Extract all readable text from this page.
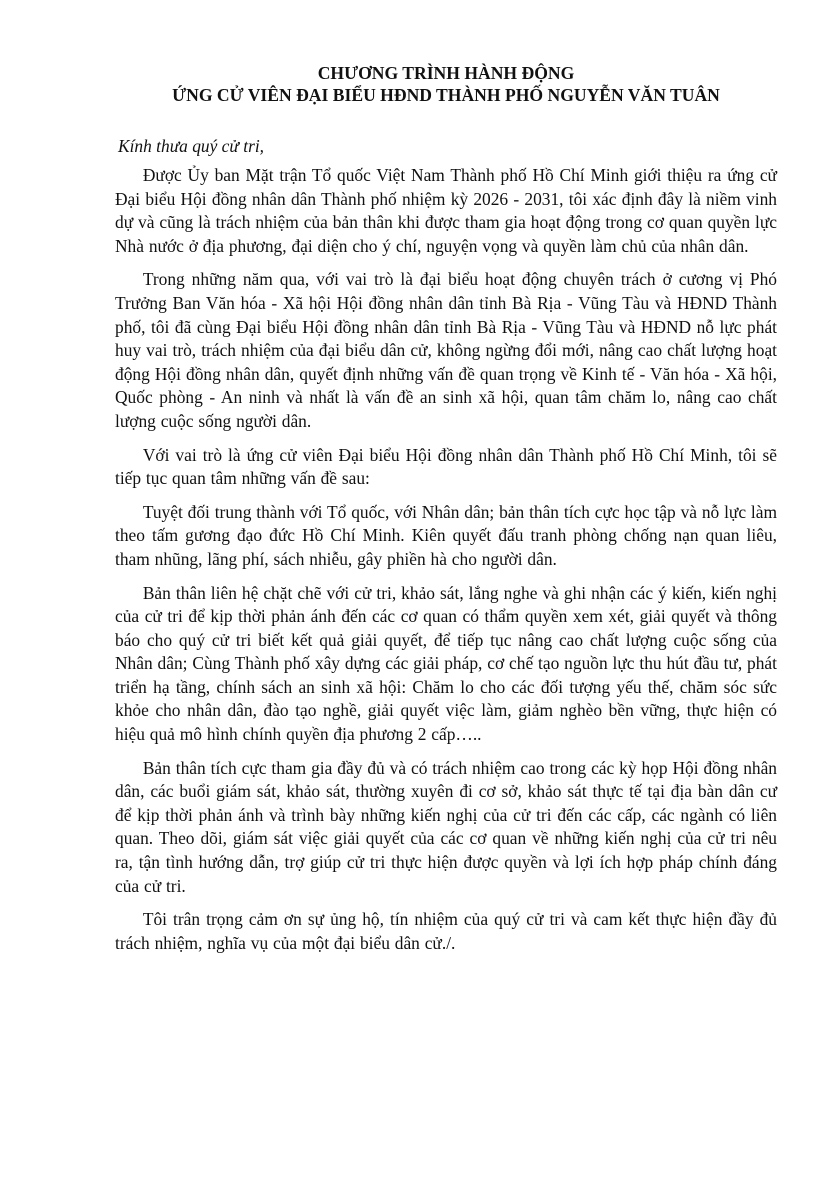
CHƯƠNG TRÌNH HÀNH ĐỘNG
ỨNG CỬ VIÊN ĐẠI BIỂU HĐND THÀNH PHỐ NGUYỄN VĂN TUÂN

Kính thưa quý cử tri,

Được Ủy ban Mặt trận Tổ quốc Việt Nam Thành phố Hồ Chí Minh giới thiệu ra ứng cử Đại biểu Hội đồng nhân dân Thành phố nhiệm kỳ 2026 - 2031, tôi xác định đây là niềm vinh dự và cũng là trách nhiệm của bản thân khi được tham gia hoạt động trong cơ quan quyền lực Nhà nước ở địa phương, đại diện cho ý chí, nguyện vọng và quyền làm chủ của nhân dân.

Trong những năm qua, với vai trò là đại biểu hoạt động chuyên trách ở cương vị Phó Trưởng Ban Văn hóa - Xã hội Hội đồng nhân dân tỉnh Bà Rịa - Vũng Tàu và HĐND Thành phố, tôi đã cùng Đại biểu Hội đồng nhân dân tỉnh Bà Rịa - Vũng Tàu và HĐND nỗ lực phát huy vai trò, trách nhiệm của đại biểu dân cử, không ngừng đổi mới, nâng cao chất lượng hoạt động Hội đồng nhân dân, quyết định những vấn đề quan trọng về Kinh tế - Văn hóa - Xã hội, Quốc phòng - An ninh và nhất là vấn đề an sinh xã hội, quan tâm chăm lo, nâng cao chất lượng cuộc sống người dân.

Với vai trò là ứng cử viên Đại biểu Hội đồng nhân dân Thành phố Hồ Chí Minh, tôi sẽ tiếp tục quan tâm những vấn đề sau:

Tuyệt đối trung thành với Tổ quốc, với Nhân dân; bản thân tích cực học tập và nỗ lực làm theo tấm gương đạo đức Hồ Chí Minh. Kiên quyết đấu tranh phòng chống nạn quan liêu, tham nhũng, lãng phí, sách nhiễu, gây phiền hà cho người dân.

Bản thân liên hệ chặt chẽ với cử tri, khảo sát, lắng nghe và ghi nhận các ý kiến, kiến nghị của cử tri để kịp thời phản ánh đến các cơ quan có thẩm quyền xem xét, giải quyết và thông báo cho quý cử tri biết kết quả giải quyết, để tiếp tục nâng cao chất lượng cuộc sống của Nhân dân; Cùng Thành phố xây dựng các giải pháp, cơ chế tạo nguồn lực thu hút đầu tư, phát triển hạ tầng, chính sách an sinh xã hội: Chăm lo cho các đối tượng yếu thế, chăm sóc sức khỏe cho nhân dân, đào tạo nghề, giải quyết việc làm, giảm nghèo bền vững, thực hiện có hiệu quả mô hình chính quyền địa phương 2 cấp…..

Bản thân tích cực tham gia đầy đủ và có trách nhiệm cao trong các kỳ họp Hội đồng nhân dân, các buổi giám sát, khảo sát, thường xuyên đi cơ sở, khảo sát thực tế tại địa bàn dân cư để kịp thời phản ánh và trình bày những kiến nghị của cử tri đến các cấp, các ngành có liên quan. Theo dõi, giám sát việc giải quyết của các cơ quan về những kiến nghị của cử tri nêu ra, tận tình hướng dẫn, trợ giúp cử tri thực hiện được quyền và lợi ích hợp pháp chính đáng của cử tri.

Tôi trân trọng cảm ơn sự ủng hộ, tín nhiệm của quý cử tri và cam kết thực hiện đầy đủ trách nhiệm, nghĩa vụ của một đại biểu dân cử./.
